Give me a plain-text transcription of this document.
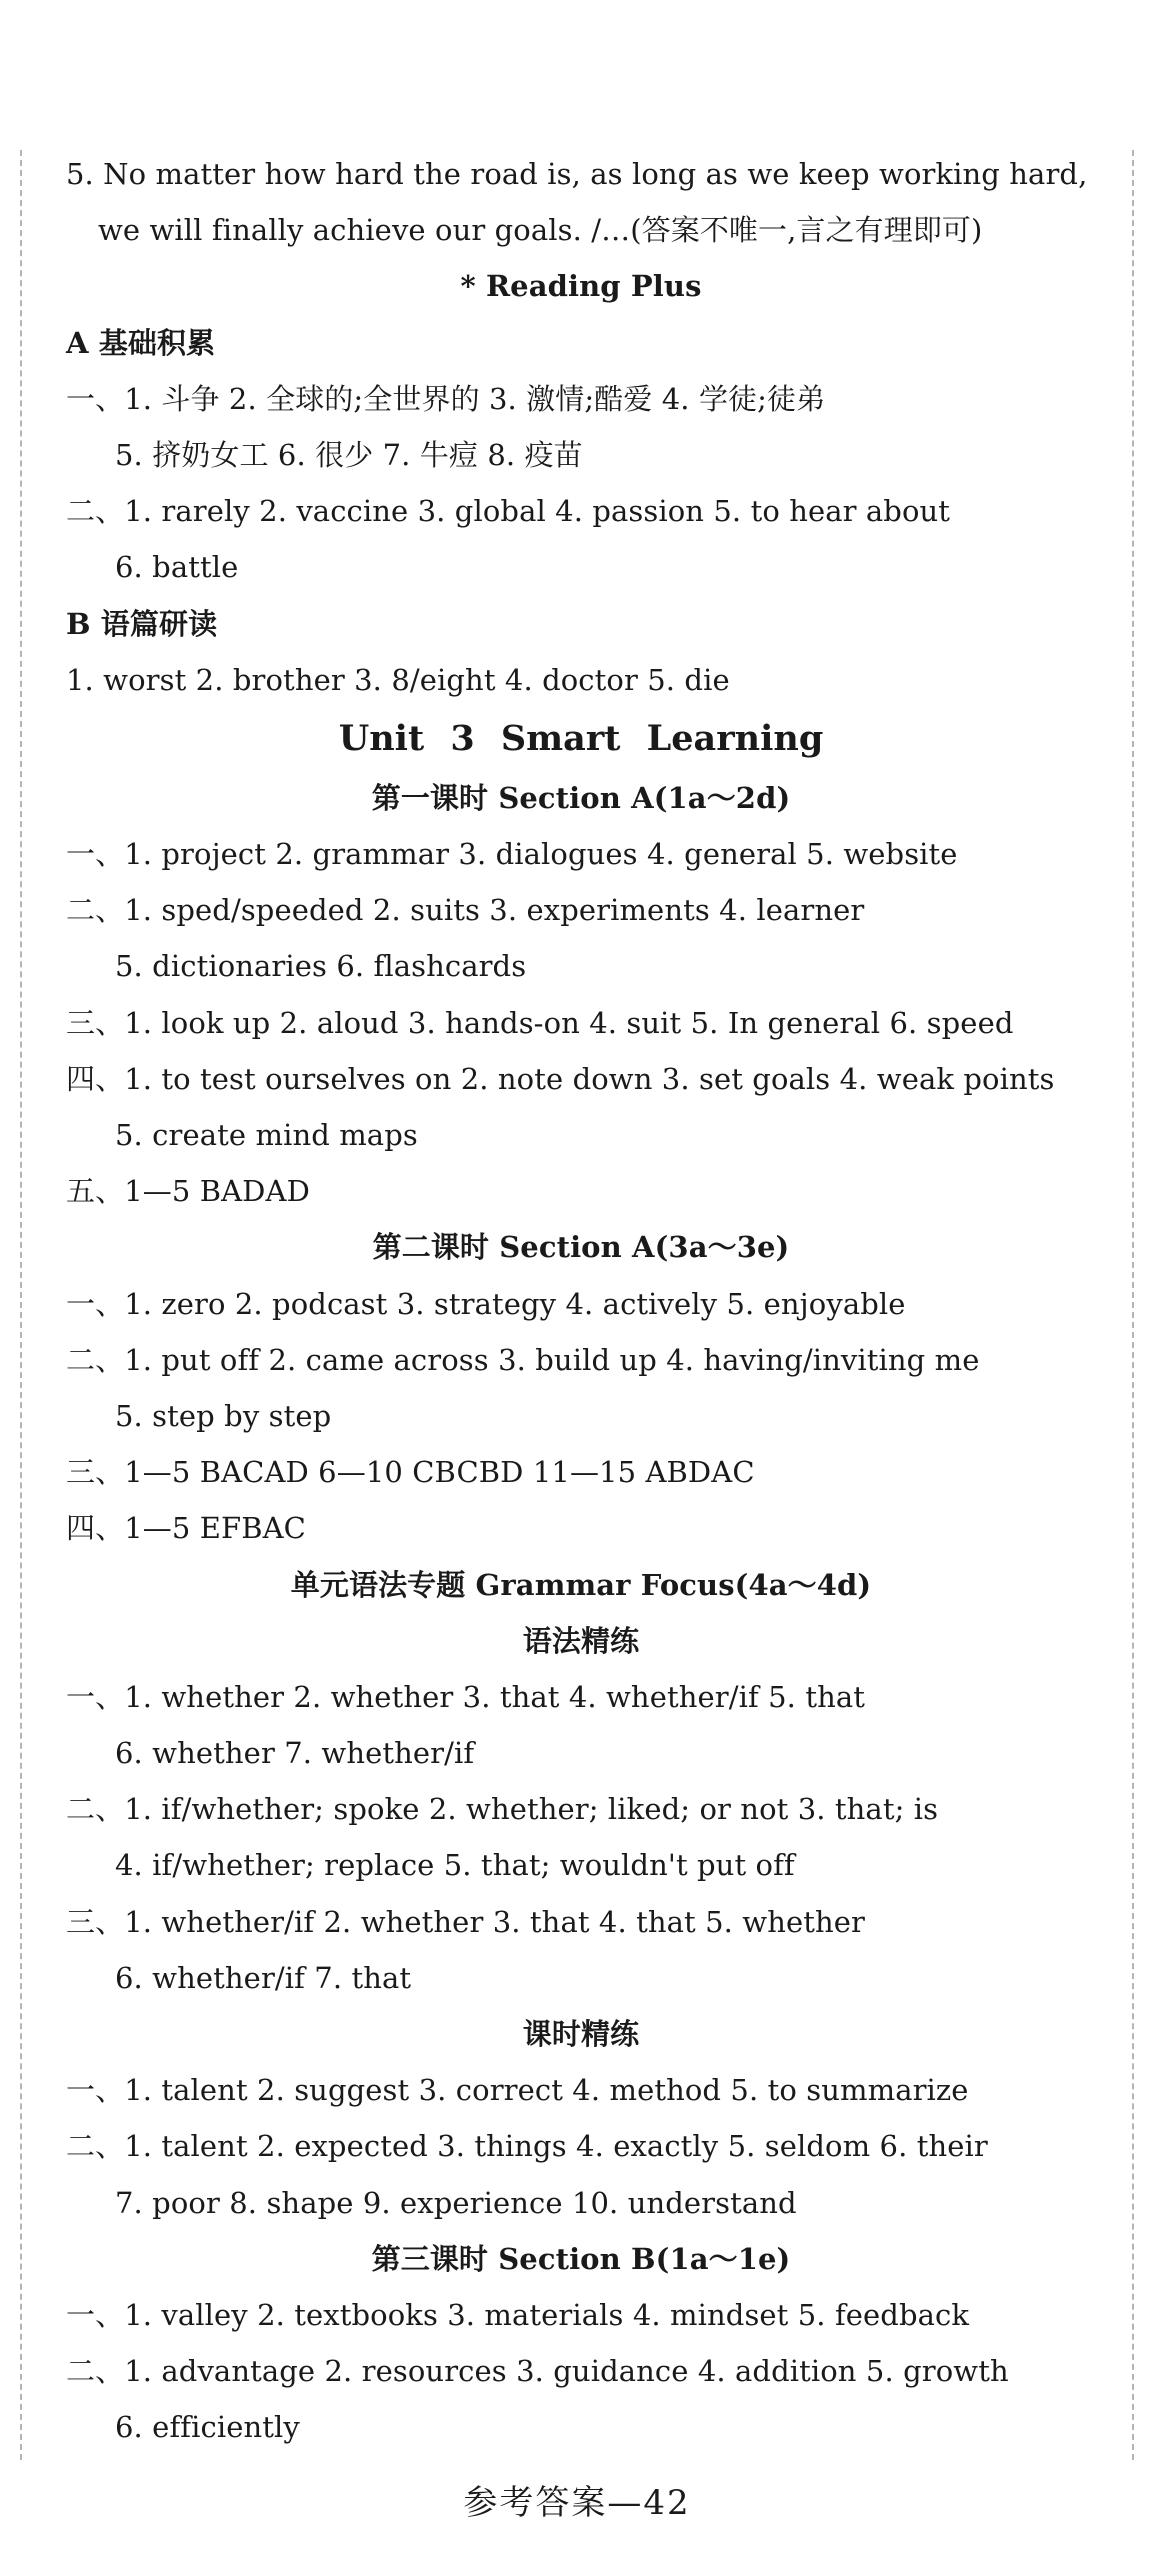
5. No matter how hard the road is, as long as we keep working hard,
we will finally achieve our goals. /…(答案不唯一,言之有理即可)
* Reading Plus
A 基础积累
一、1. 斗争 2. 全球的;全世界的 3. 激情;酷爱 4. 学徒;徒弟
5. 挤奶女工 6. 很少 7. 牛痘 8. 疫苗
二、1. rarely 2. vaccine 3. global 4. passion 5. to hear about
6. battle
B 语篇研读
1. worst 2. brother 3. 8/eight 4. doctor 5. die
Unit 3 Smart Learning
第一课时 Section A(1a～2d)
一、1. project 2. grammar 3. dialogues 4. general 5. website
二、1. sped/speeded 2. suits 3. experiments 4. learner
5. dictionaries 6. flashcards
三、1. look up 2. aloud 3. hands-on 4. suit 5. In general 6. speed
四、1. to test ourselves on 2. note down 3. set goals 4. weak points
5. create mind maps
五、1—5 BADAD
第二课时 Section A(3a～3e)
一、1. zero 2. podcast 3. strategy 4. actively 5. enjoyable
二、1. put off 2. came across 3. build up 4. having/inviting me
5. step by step
三、1—5 BACAD 6—10 CBCBD 11—15 ABDAC
四、1—5 EFBAC
单元语法专题 Grammar Focus(4a～4d)
语法精练
一、1. whether 2. whether 3. that 4. whether/if 5. that
6. whether 7. whether/if
二、1. if/whether; spoke 2. whether; liked; or not 3. that; is
4. if/whether; replace 5. that; wouldn't put off
三、1. whether/if 2. whether 3. that 4. that 5. whether
6. whether/if 7. that
课时精练
一、1. talent 2. suggest 3. correct 4. method 5. to summarize
二、1. talent 2. expected 3. things 4. exactly 5. seldom 6. their
7. poor 8. shape 9. experience 10. understand
第三课时 Section B(1a～1e)
一、1. valley 2. textbooks 3. materials 4. mindset 5. feedback
二、1. advantage 2. resources 3. guidance 4. addition 5. growth
6. efficiently
参考答案—42
